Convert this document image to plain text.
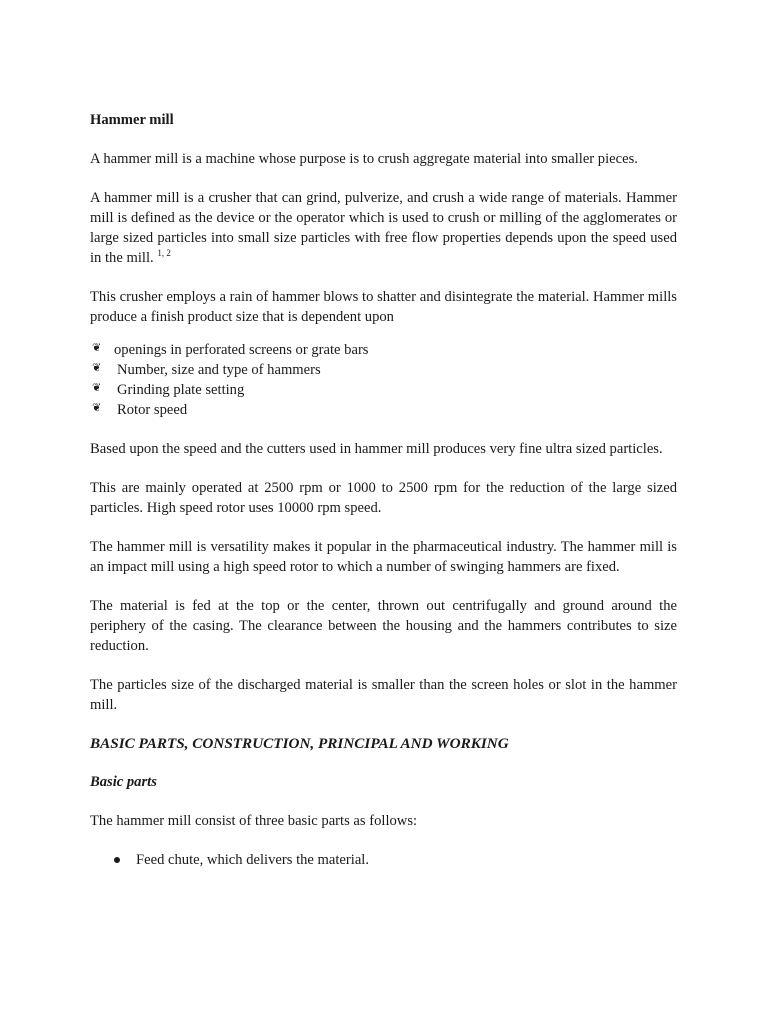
Hammer mill

A hammer mill is a machine whose purpose is to crush aggregate material into smaller pieces.

A hammer mill is a crusher that can grind, pulverize, and crush a wide range of materials. Hammer mill is defined as the device or the operator which is used to crush or milling of the agglomerates or large sized particles into small size particles with free flow properties depends upon the speed used in the mill. $^{1, 2}$

This crusher employs a rain of hammer blows to shatter and disintegrate the material. Hammer mills produce a finish product size that is dependent upon

❦ openings in perforated screens or grate bars
❦	Number, size and type of hammers
❦	Grinding plate setting
❦	Rotor speed

Based upon the speed and the cutters used in hammer mill produces very fine ultra sized particles.

This are mainly operated at 2500 rpm or 1000 to 2500 rpm for the reduction of the large sized particles. High speed rotor uses 10000 rpm speed.

The hammer mill is versatility makes it popular in the pharmaceutical industry. The hammer mill is an impact mill using a high speed rotor to which a number of swinging hammers are fixed.

The material is fed at the top or the center, thrown out centrifugally and ground around the periphery of the casing. The clearance between the housing and the hammers contributes to size reduction.

The particles size of the discharged material is smaller than the screen holes or slot in the hammer mill.

BASIC PARTS, CONSTRUCTION, PRINCIPAL AND WORKING

Basic parts

The hammer mill consist of three basic parts as follows:

Feed chute, which delivers the material.
